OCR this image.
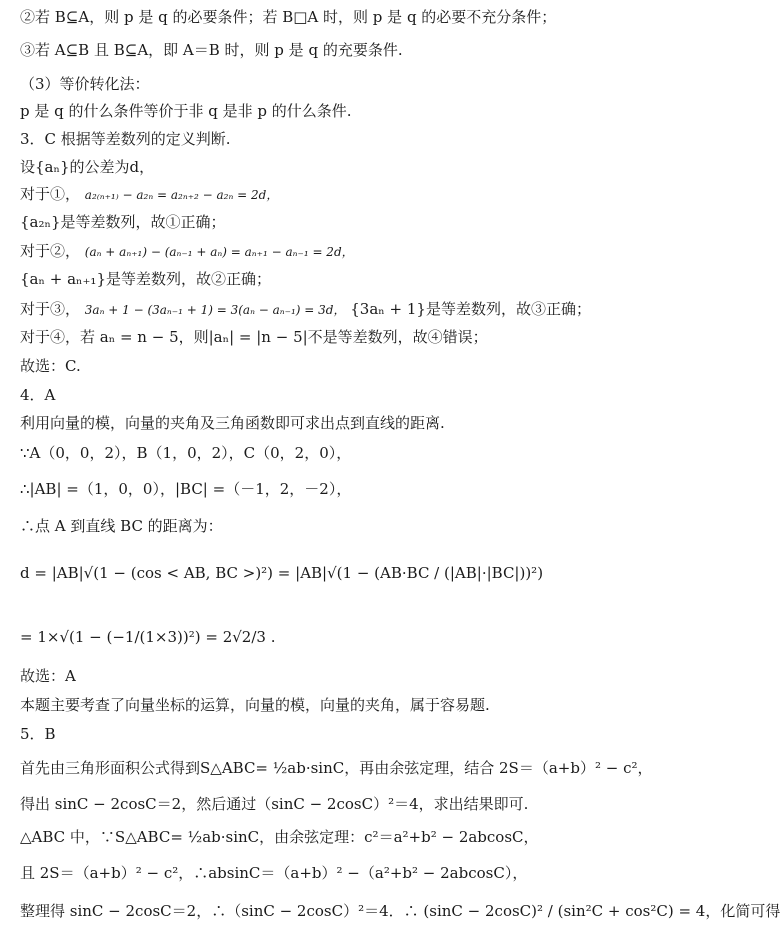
②若 B⊆A，则 p 是 q 的必要条件；若 B□A 时，则 p 是 q 的必要不充分条件；
③若 A⊆B 且 B⊆A，即 A＝B 时，则 p 是 q 的充要条件.
（3）等价转化法：
p 是 q 的什么条件等价于非 q 是非 p 的什么条件.
3．C 根据等差数列的定义判断.
设{aₙ}的公差为d，
对于①， a₂₍ₙ₊₁₎ − a₂ₙ = a₂ₙ₊₂ − a₂ₙ = 2d，
{a₂ₙ}是等差数列，故①正确；
对于②， (aₙ + aₙ₊₁) − (aₙ₋₁ + aₙ) = aₙ₊₁ − aₙ₋₁ = 2d，
{aₙ + aₙ₊₁}是等差数列，故②正确；
对于③， 3aₙ + 1 − (3aₙ₋₁ + 1) = 3(aₙ − aₙ₋₁) = 3d， {3aₙ + 1}是等差数列，故③正确；
对于④，若 aₙ = n − 5，则|aₙ| = |n − 5|不是等差数列，故④错误；
故选：C.
4．A
利用向量的模，向量的夹角及三角函数即可求出点到直线的距离.
∵A（0，0，2），B（1，0，2），C（0，2，0），
∴|AB| =（1，0，0），|BC| =（－1，2，－2），
∴点 A 到直线 BC 的距离为：
d = |AB|√(1 − (cos < AB, BC >)²) = |AB|√(1 − (AB·BC / (|AB|·|BC|))²)
= 1×√(1 − (−1/(1×3))²) = 2√2/3 .
故选：A
本题主要考查了向量坐标的运算，向量的模，向量的夹角，属于容易题.
5．B
首先由三角形面积公式得到S△ABC= ½ab·sinC，再由余弦定理，结合 2S＝（a+b）² − c²，
得出 sinC − 2cosC＝2，然后通过（sinC − 2cosC）²＝4，求出结果即可.
△ABC 中，∵S△ABC= ½ab·sinC，由余弦定理：c²＝a²+b² − 2abcosC，
且 2S＝（a+b）² − c²，∴absinC＝（a+b）² −（a²+b² − 2abcosC），
整理得 sinC − 2cosC＝2，∴（sinC − 2cosC）²＝4．∴ (sinC − 2cosC)² / (sin²C + cos²C) = 4，化简可得
